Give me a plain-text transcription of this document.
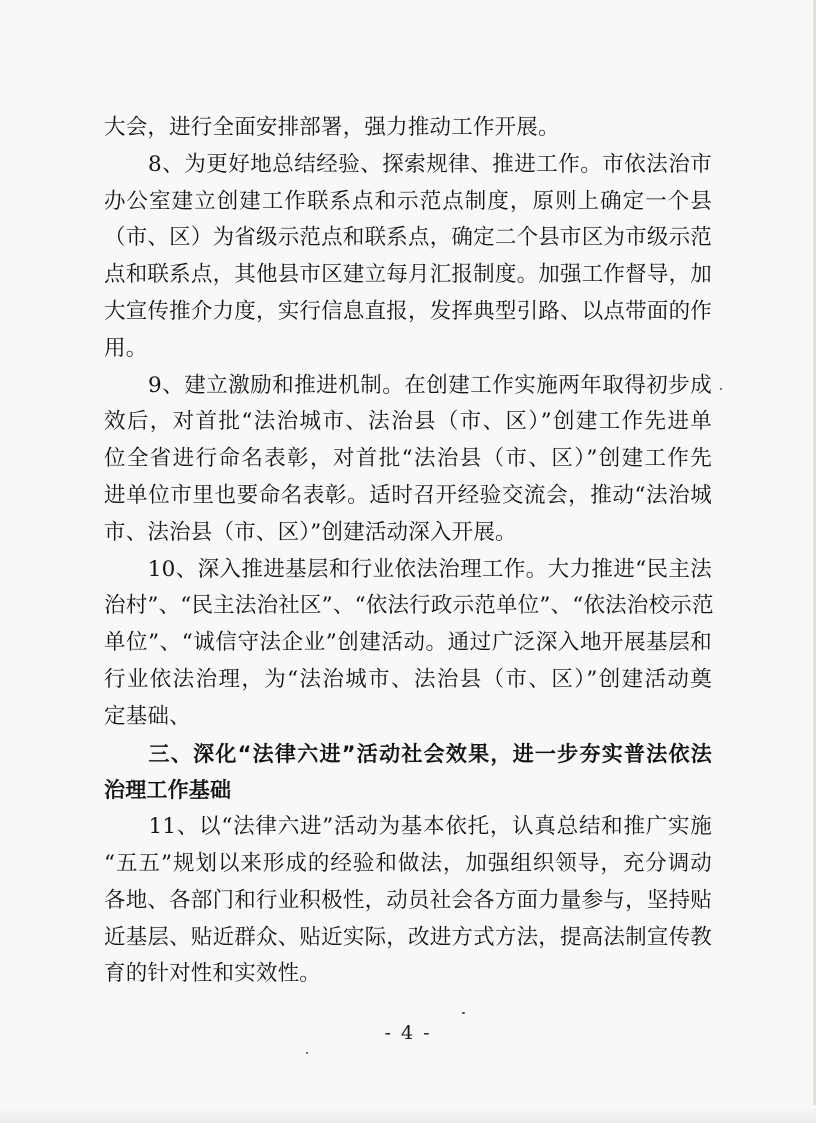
大会，进行全面安排部署，强力推动工作开展。
　　8、为更好地总结经验、探索规律、推进工作。市依法治市
办公室建立创建工作联系点和示范点制度，原则上确定一个县
（市、区）为省级示范点和联系点，确定二个县市区为市级示范
点和联系点，其他县市区建立每月汇报制度。加强工作督导，加
大宣传推介力度，实行信息直报，发挥典型引路、以点带面的作
用。
　　9、建立激励和推进机制。在创建工作实施两年取得初步成
效后，对首批“法治城市、法治县（市、区）”创建工作先进单
位全省进行命名表彰，对首批“法治县（市、区）”创建工作先
进单位市里也要命名表彰。适时召开经验交流会，推动“法治城
市、法治县（市、区）”创建活动深入开展。
　　10、深入推进基层和行业依法治理工作。大力推进“民主法
治村”、“民主法治社区”、“依法行政示范单位”、“依法治校示范
单位”、“诚信守法企业”创建活动。通过广泛深入地开展基层和
行业依法治理，为“法治城市、法治县（市、区）”创建活动奠
定基础、
　　三、深化“法律六进”活动社会效果，进一步夯实普法依法
治理工作基础
　　11、以“法律六进”活动为基本依托，认真总结和推广实施
“五五”规划以来形成的经验和做法，加强组织领导，充分调动
各地、各部门和行业积极性，动员社会各方面力量参与，坚持贴
近基层、贴近群众、贴近实际，改进方式方法，提高法制宣传教
育的针对性和实效性。
- 4 -
